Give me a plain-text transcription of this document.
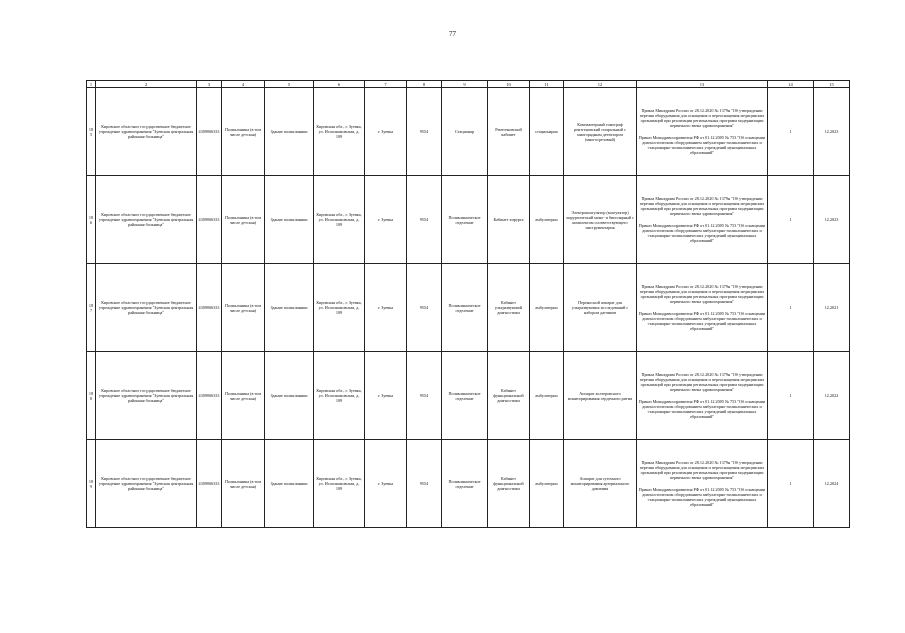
77
1	2	3	4	5	6	7	8	9	10	11	12	13	14	15
185	Кировское областное государственное бюджетное учреждение здравоохранения "Зуевская центральная районная больница"	4309006333	Поликлиника (в том числе детская)	Здание поликлиники	Кировская обл., г. Зуевка, ул. Исполкомовская, д. 109	г. Зуевка	9554	Стационар	Рентгеновский кабинет	стационарно	Компьютерный томограф рентгеновский спиральный с многорядным детектором (многосрезовый)	Приказ Минздрава России от 28.12.2020 № 1379н "Об утверждении перечня оборудования для оснащения и переоснащения медицинских организаций при реализации региональных программ модернизации первичного звена здравоохранения"
Приказ Минздравсоцразвития РФ от 01.12.2005 № 753 "Об оснащении диагностическим оборудованием амбулаторно-поликлинических и стационарно-поликлинических учреждений муниципальных образований"	1	12.2023
186	Кировское областное государственное бюджетное учреждение здравоохранения "Зуевская центральная районная больница"	4309006333	Поликлиника (в том числе детская)	Здание поликлиники	Кировская обл., г. Зуевка, ул. Исполкомовская, д. 109	г. Зуевка	9554	Поликлиническое отделение	Кабинет хирурга	амбулаторно	Электрокоагулятор (коагулятор) хирургический моно- и биполярный с комплектом соответствующего инструментария	Приказ Минздрава России от 28.12.2020 № 1379н "Об утверждении перечня оборудования для оснащения и переоснащения медицинских организаций при реализации региональных программ модернизации первичного звена здравоохранения"
Приказ Минздравсоцразвития РФ от 01.12.2005 № 753 "Об оснащении диагностическим оборудованием амбулаторно-поликлинических и стационарно-поликлинических учреждений муниципальных образований"	1	12.2023
187	Кировское областное государственное бюджетное учреждение здравоохранения "Зуевская центральная районная больница"	4309006333	Поликлиника (в том числе детская)	Здание поликлиники	Кировская обл., г. Зуевка, ул. Исполкомовская, д. 109	г. Зуевка	9554	Поликлиническое отделение	Кабинет ультразвуковой диагностики	амбулаторно	Переносной аппарат для ультразвуковых исследований с набором датчиков	Приказ Минздрава России от 28.12.2020 № 1379н "Об утверждении перечня оборудования для оснащения и переоснащения медицинских организаций при реализации региональных программ модернизации первичного звена здравоохранения"
Приказ Минздравсоцразвития РФ от 01.12.2005 № 753 "Об оснащении диагностическим оборудованием амбулаторно-поликлинических и стационарно-поликлинических учреждений муниципальных образований"	1	12.2021
188	Кировское областное государственное бюджетное учреждение здравоохранения "Зуевская центральная районная больница"	4309006333	Поликлиника (в том числе детская)	Здание поликлиники	Кировская обл., г. Зуевка, ул. Исполкомовская, д. 109	г. Зуевка	9554	Поликлиническое отделение	Кабинет функциональной диагностики	амбулаторно	Аппарат холтеровского мониторирования сердечного ритма	Приказ Минздрава России от 28.12.2020 № 1379н "Об утверждении перечня оборудования для оснащения и переоснащения медицинских организаций при реализации региональных программ модернизации первичного звена здравоохранения"
Приказ Минздравсоцразвития РФ от 01.12.2005 № 753 "Об оснащении диагностическим оборудованием амбулаторно-поликлинических и стационарно-поликлинических учреждений муниципальных образований"	1	12.2022
189	Кировское областное государственное бюджетное учреждение здравоохранения "Зуевская центральная районная больница"	4309006333	Поликлиника (в том числе детская)	Здание поликлиники	Кировская обл., г. Зуевка, ул. Исполкомовская, д. 109	г. Зуевка	9554	Поликлиническое отделение	Кабинет функциональной диагностики	амбулаторно	Аппарат для суточного мониторирования артериального давления	Приказ Минздрава России от 28.12.2020 № 1379н "Об утверждении перечня оборудования для оснащения и переоснащения медицинских организаций при реализации региональных программ модернизации первичного звена здравоохранения"
Приказ Минздравсоцразвития РФ от 01.12.2005 № 753 "Об оснащении диагностическим оборудованием амбулаторно-поликлинических и стационарно-поликлинических учреждений муниципальных образований"	1	12.2024
